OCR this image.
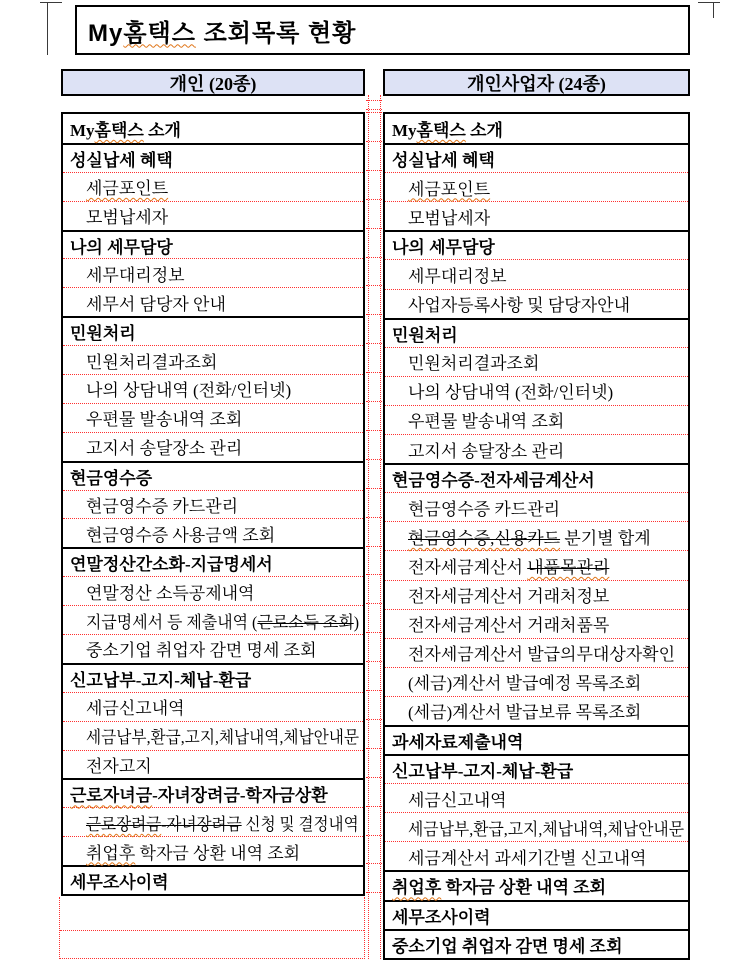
My홈택스 조회목록 현황
개인 (20종)	개인사업자 (24종)
My홈택스 소개
성실납세 혜택
세금포인트
모범납세자
나의 세무담당
세무대리정보
세무서 담당자 안내
민원처리
민원처리결과조회
나의 상담내역 (전화/인터넷)
우편물 발송내역 조회
고지서 송달장소 관리
현금영수증
현금영수증 카드관리
현금영수증 사용금액 조회
연말정산간소화-지급명세서
연말정산 소득공제내역
지급명세서 등 제출내역 (근로소득 조회)
중소기업 취업자 감면 명세 조회
신고납부-고지-체납-환급
세금신고내역
세금납부,환급,고지,체납내역,체납안내문
전자고지
근로자녀금-자녀장려금-학자금상환
근로장려금-자녀장려금 신청 및 결정내역
취업후 학자금 상환 내역 조회
세무조사이력
My홈택스 소개
성실납세 혜택
세금포인트
모범납세자
나의 세무담당
세무대리정보
사업자등록사항 및 담당자안내
민원처리
민원처리결과조회
나의 상담내역 (전화/인터넷)
우편물 발송내역 조회
고지서 송달장소 관리
현금영수증-전자세금계산서
현금영수증 카드관리
현금영수증,신용카드 분기별 합계
전자세금계산서 내품목관리
전자세금계산서 거래처정보
전자세금계산서 거래처품목
전자세금계산서 발급의무대상자확인
(세금)계산서 발급예정 목록조회
(세금)계산서 발급보류 목록조회
과세자료제출내역
신고납부-고지-체납-환급
세금신고내역
세금납부,환급,고지,체납내역,체납안내문
세금계산서 과세기간별 신고내역
취업후 학자금 상환 내역 조회
세무조사이력
중소기업 취업자 감면 명세 조회
